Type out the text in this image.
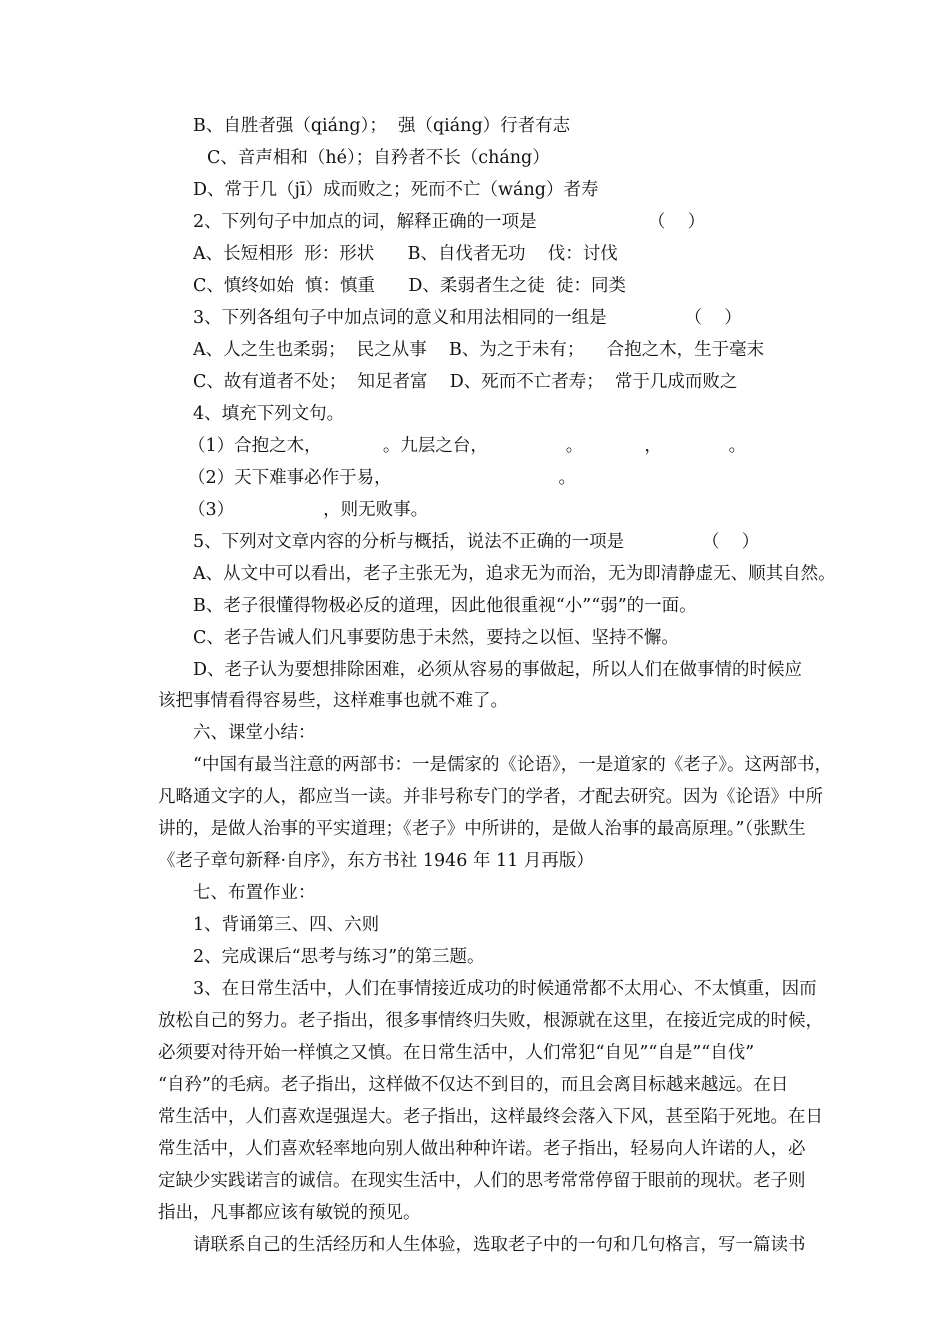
B、自胜者强（qiáng）；  强（qiáng）行者有志
C、音声相和（hé）；自矜者不长（cháng）
D、常于几（jī）成而败之；死而不亡（wáng）者寿
2、下列句子中加点的词，解释正确的一项是                    （    ）
A、长短相形  形：形状      B、自伐者无功    伐：讨伐
C、慎终如始  慎：慎重      D、柔弱者生之徒  徒：同类
3、下列各组句子中加点词的意义和用法相同的一组是              （    ）
A、人之生也柔弱；  民之从事    B、为之于未有；    合抱之木，生于毫末
C、故有道者不处；  知足者富    D、死而不亡者寿；  常于几成而败之
4、填充下列文句。
（1）合抱之木，           。九层之台，              。           ，            。
（2）天下难事必作于易，                              。
（3）                ，则无败事。
5、下列对文章内容的分析与概括，说法不正确的一项是              （    ）
A、从文中可以看出，老子主张无为，追求无为而治，无为即清静虚无、顺其自然。
B、老子很懂得物极必反的道理，因此他很重视“小”“弱”的一面。
C、老子告诫人们凡事要防患于未然，要持之以恒、坚持不懈。
D、老子认为要想排除困难，必须从容易的事做起，所以人们在做事情的时候应
该把事情看得容易些，这样难事也就不难了。
六、课堂小结：
“中国有最当注意的两部书：一是儒家的《论语》，一是道家的《老子》。这两部书，
凡略通文字的人，都应当一读。并非号称专门的学者，才配去研究。因为《论语》中所
讲的，是做人治事的平实道理；《老子》中所讲的，是做人治事的最高原理。”（张默生
《老子章句新释·自序》，东方书社 1946 年 11 月再版）
七、布置作业：
1、背诵第三、四、六则
2、完成课后“思考与练习”的第三题。
3、在日常生活中，人们在事情接近成功的时候通常都不太用心、不太慎重，因而
放松自己的努力。老子指出，很多事情终归失败，根源就在这里，在接近完成的时候，
必须要对待开始一样慎之又慎。在日常生活中，人们常犯“自见”“自是”“自伐”
“自矜”的毛病。老子指出，这样做不仅达不到目的，而且会离目标越来越远。在日
常生活中，人们喜欢逞强逞大。老子指出，这样最终会落入下风，甚至陷于死地。在日
常生活中，人们喜欢轻率地向别人做出种种许诺。老子指出，轻易向人许诺的人，必
定缺少实践诺言的诚信。在现实生活中，人们的思考常常停留于眼前的现状。老子则
指出，凡事都应该有敏锐的预见。
请联系自己的生活经历和人生体验，选取老子中的一句和几句格言，写一篇读书
